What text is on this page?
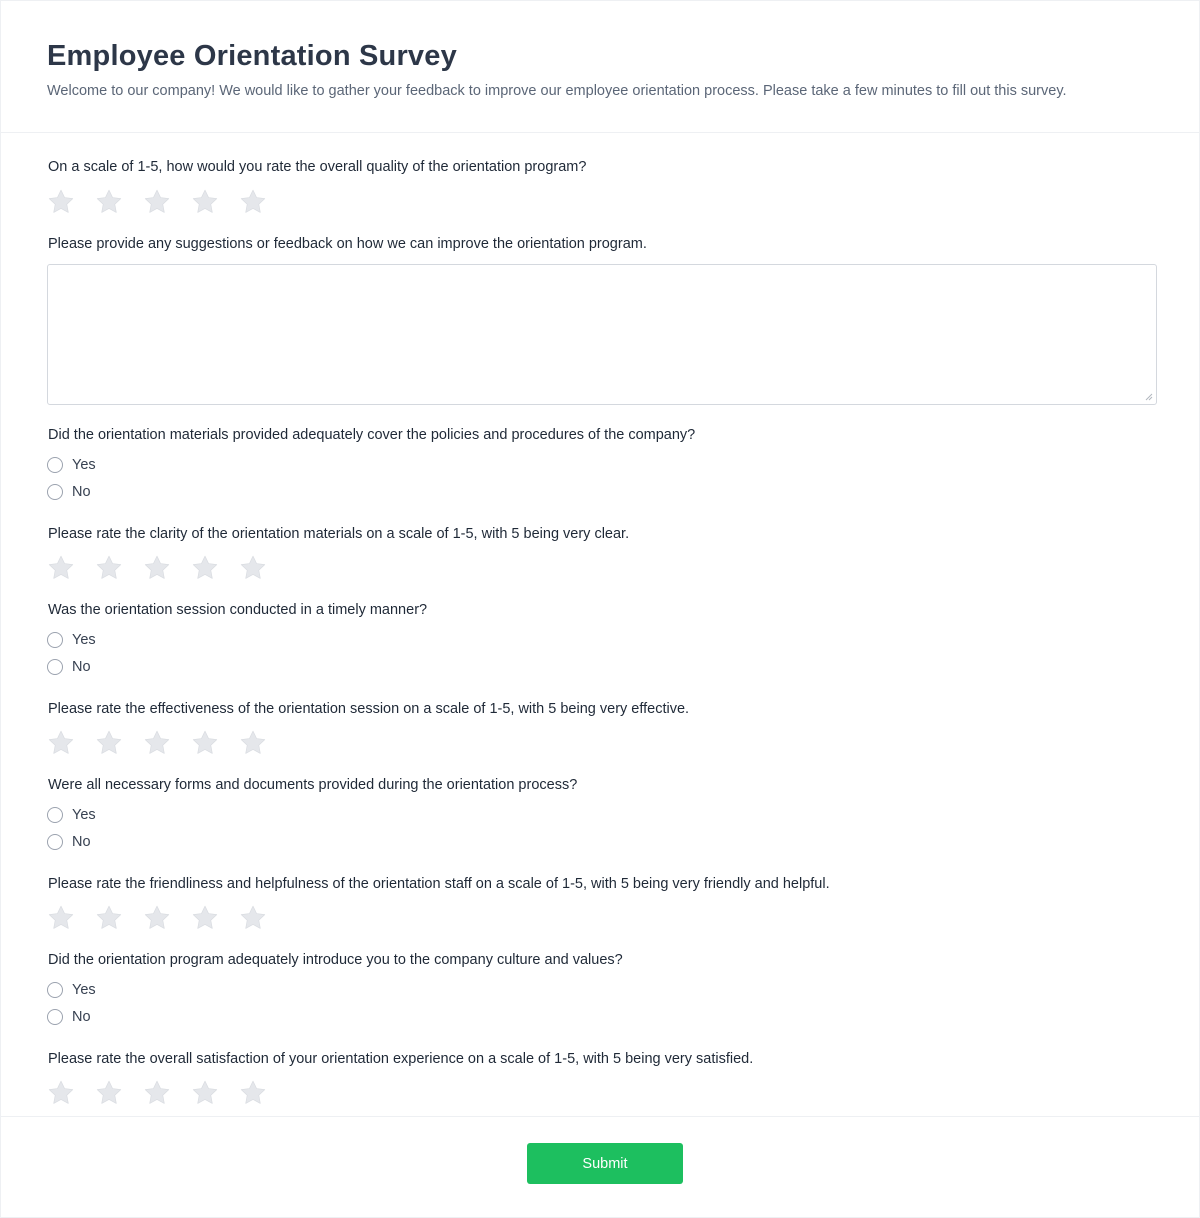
Employee Orientation Survey

Welcome to our company! We would like to gather your feedback to improve our employee orientation process. Please take a few minutes to fill out this survey.

On a scale of 1-5, how would you rate the overall quality of the orientation program?
Please provide any suggestions or feedback on how we can improve the orientation program.
Did the orientation materials provided adequately cover the policies and procedures of the company?
Yes
No
Please rate the clarity of the orientation materials on a scale of 1-5, with 5 being very clear.
Was the orientation session conducted in a timely manner?
Yes
No
Please rate the effectiveness of the orientation session on a scale of 1-5, with 5 being very effective.
Were all necessary forms and documents provided during the orientation process?
Yes
No
Please rate the friendliness and helpfulness of the orientation staff on a scale of 1-5, with 5 being very friendly and helpful.
Did the orientation program adequately introduce you to the company culture and values?
Yes
No
Please rate the overall satisfaction of your orientation experience on a scale of 1-5, with 5 being very satisfied.
Submit
